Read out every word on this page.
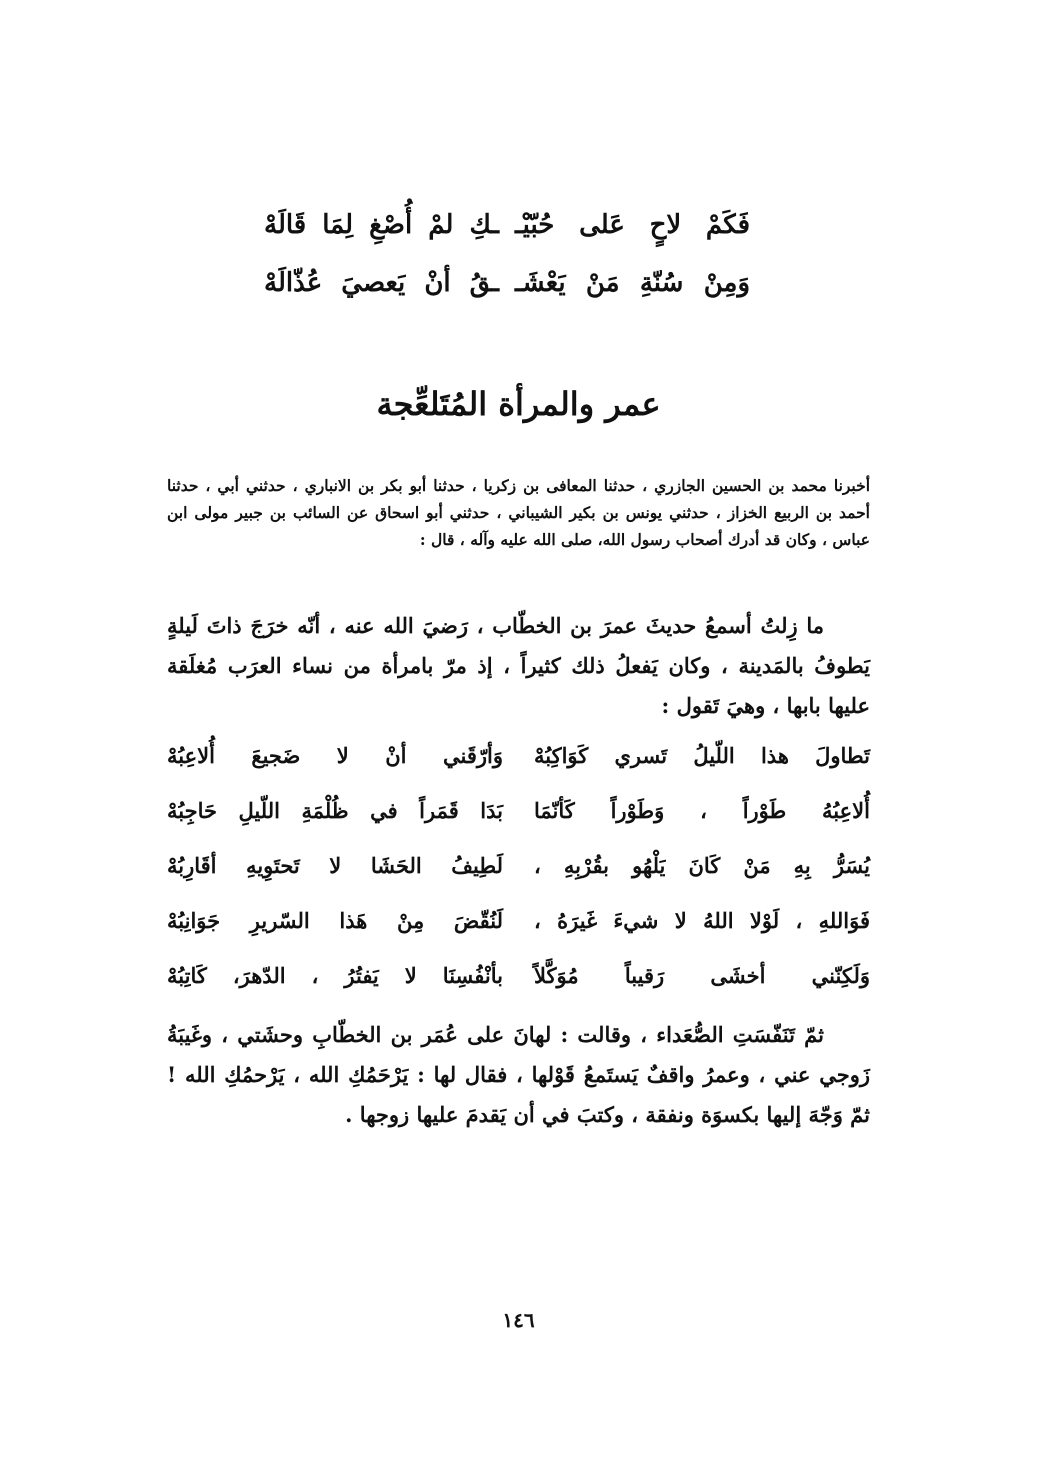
فَكَمْ لاحٍ عَلى حُبّيْـ
ـكِ لمْ أُصْغِ لِمَا قَالَهْ
وَمِنْ سُنّةِ مَنْ يَعْشَـ
ـقُ أنْ يَعصيَ عُذّالَهْ
عمر والمرأة المُتَلعِّجة
أخبرنا محمد بن الحسين الجازري ، حدثنا المعافى بن زكريا ، حدثنا أبو بكر بن الانباري ، حدثني أبي ، حدثنا أحمد بن الربيع الخزاز ، حدثني يونس بن بكير الشيباني ، حدثني أبو اسحاق عن السائب بن جبير مولى ابن عباس ، وكان قد أدرك أصحاب رسول الله، صلى الله عليه وآله ، قال :
ما زِلتُ أسمعُ حديثَ عمرَ بن الخطّاب ، رَضيَ الله عنه ، أنّه خرَجَ ذاتَ لَيلةٍ يَطوفُ بالمَدينة ، وكان يَفعلُ ذلك كثيراً ، إذ مرّ بامرأة من نساء العرَب مُغلَقة عليها بابها ، وهيَ تَقول :
تَطاولَ هذا اللّيلُ تَسري كَوَاكِبُهْ
وَأرّقَني أنْ لا ضَجيعَ أُلاعِبُهْ
أُلاعِبُهُ طَوْراً ، وَطَوْراً كَأنّمَا
بَدَا قَمَراً في ظُلْمَةِ اللّيلِ حَاجِبُهْ
يُسَرُّ بِهِ مَنْ كَانَ يَلْهُو بقُرْبِهِ ،
لَطِيفُ الحَشَا لا تَحتَوِيهِ أقَارِبُهْ
فَوَاللهِ ، لَوْلا اللهُ لا شيءَ غَيرَهُ ،
لَنُقّضَ مِنْ هَذا السّريرِ جَوَانِبُهْ
وَلَكِنّني أخشَى رَقيباً مُوَكَّلاً
بأنْفُسِنَا لا يَفتُرُ ، الدّهرَ، كَاتِبُهْ
ثمّ تَنَفّسَتِ الصُّعَداء ، وقالت : لهانَ على عُمَر بن الخطّابِ وحشَتي ، وغَيبَةُ زَوجي عني ، وعمرُ واقفٌ يَستَمعُ قَوْلها ، فقال لها : يَرْحَمُكِ الله ، يَرْحمُكِ الله ! ثمّ وَجّهَ إليها بكسوَة ونفقة ، وكتبَ في أن يَقدمَ عليها زوجها .
١٤٦
